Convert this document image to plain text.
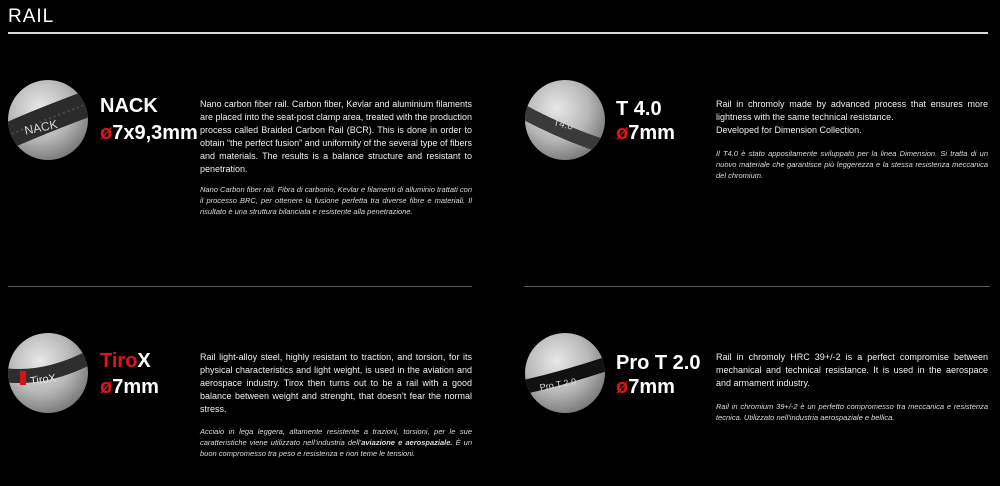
RAIL
NACK
NACK
ø7x9,3mm
Nano carbon fiber rail. Carbon fiber, Kevlar and aluminium filaments are placed into the seat-post clamp area, treated with the production process called Braided Carbon Rail (BCR). This is done in order to obtain “the perfect fusion” and uniformity of the several type of fibers and materials. The results is a balance structure and resistant to penetration.
Nano Carbon fiber rail. Fibra di carbonio, Kevlar e filamenti di alluminio trattati con il processo BRC, per ottenere la fusione perfetta tra diverse fibre e materiali. Il risultato è una struttura bilanciata e resistente alla penetrazione.
T4.0
T 4.0
ø7mm
Rail in chromoly made by advanced process that ensures more lightness with the same technical resistance.
Developed for Dimension Collection.
Il T4.0 è stato appositamente sviluppato per la linea Dimension. Si tratta di un nuovo materiale che garantisce più leggerezza e la stessa resistenza meccanica del chromium.
TiroX
TiroX
ø7mm
Rail light-alloy steel, highly resistant to traction, and torsion, for its physical characteristics and light weight, is used in the aviation and aerospace industry. Tirox then turns out to be a rail with a good balance between weight and strenght, that doesn’t fear the normal stress.
Acciaio in lega leggera, altamente resistente a trazioni, torsioni, per le sue caratteristiche viene utilizzato nell’industria dell’aviazione e aerospaziale. È un buon compromesso tra peso e resistenza e non teme le tensioni.
Pro T 2.0
Pro T 2.0
ø7mm
Rail in chromoly HRC 39+/-2 is a perfect compromise between mechanical and technical resistance. It is used in the aerospace and armament industry.
Rail in chromium 39+/-2 è un perfetto compromesso tra meccanica e resistenza tecnica. Utilizzato nell’industria aerospaziale e bellica.
